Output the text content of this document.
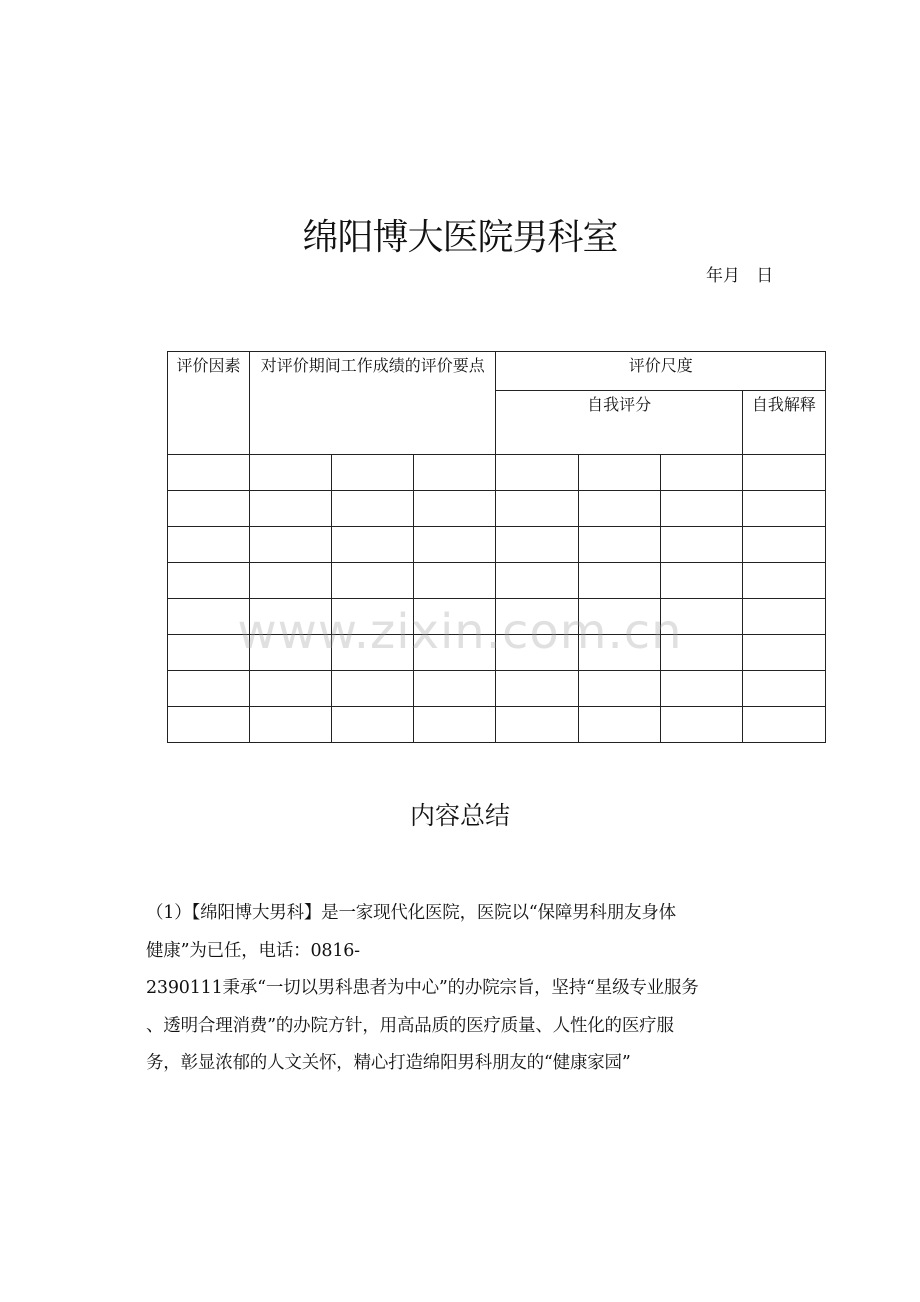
绵阳博大医院男科室
年月   日
评价因素	对评价期间工作成绩的评价要点			评价尺度			

				自我评分			自我解释

内容总结
（1）【绵阳博大男科】是一家现代化医院，医院以“保障男科朋友身体
健康”为已任，电话：0816-
2390111秉承“一切以男科患者为中心”的办院宗旨，坚持“星级专业服务
、透明合理消费”的办院方针，用高品质的医疗质量、人性化的医疗服
务，彰显浓郁的人文关怀，精心打造绵阳男科朋友的“健康家园”
www.zixin.com.cn
